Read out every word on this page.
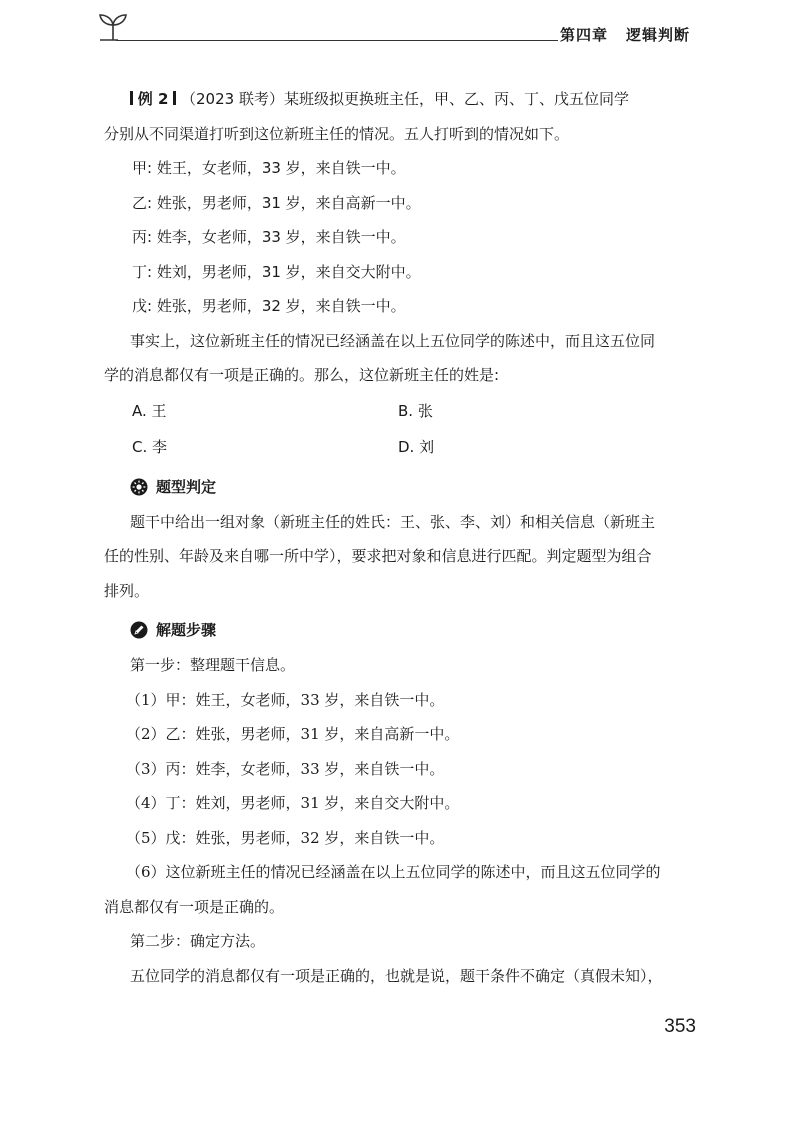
第四章 逻辑判断

例 2 （2023 联考）某班级拟更换班主任，甲、乙、丙、丁、戊五位同学

分别从不同渠道打听到这位新班主任的情况。五人打听到的情况如下。

甲: 姓王，女老师，33 岁，来自铁一中。

乙: 姓张，男老师，31 岁，来自高新一中。

丙: 姓李，女老师，33 岁，来自铁一中。

丁: 姓刘，男老师，31 岁，来自交大附中。

戊: 姓张，男老师，32 岁，来自铁一中。

事实上，这位新班主任的情况已经涵盖在以上五位同学的陈述中，而且这五位同

学的消息都仅有一项是正确的。那么，这位新班主任的姓是:

A. 王	B. 张
C. 李	D. 刘
题型判定

题干中给出一组对象（新班主任的姓氏：王、张、李、刘）和相关信息（新班主

任的性别、年龄及来自哪一所中学），要求把对象和信息进行匹配。判定题型为组合

排列。

解题步骤

第一步：整理题干信息。

（1）甲：姓王，女老师，33 岁，来自铁一中。

（2）乙：姓张，男老师，31 岁，来自高新一中。

（3）丙：姓李，女老师，33 岁，来自铁一中。

（4）丁：姓刘，男老师，31 岁，来自交大附中。

（5）戊：姓张，男老师，32 岁，来自铁一中。

（6）这位新班主任的情况已经涵盖在以上五位同学的陈述中，而且这五位同学的

消息都仅有一项是正确的。

第二步：确定方法。

五位同学的消息都仅有一项是正确的，也就是说，题干条件不确定（真假未知），

353
